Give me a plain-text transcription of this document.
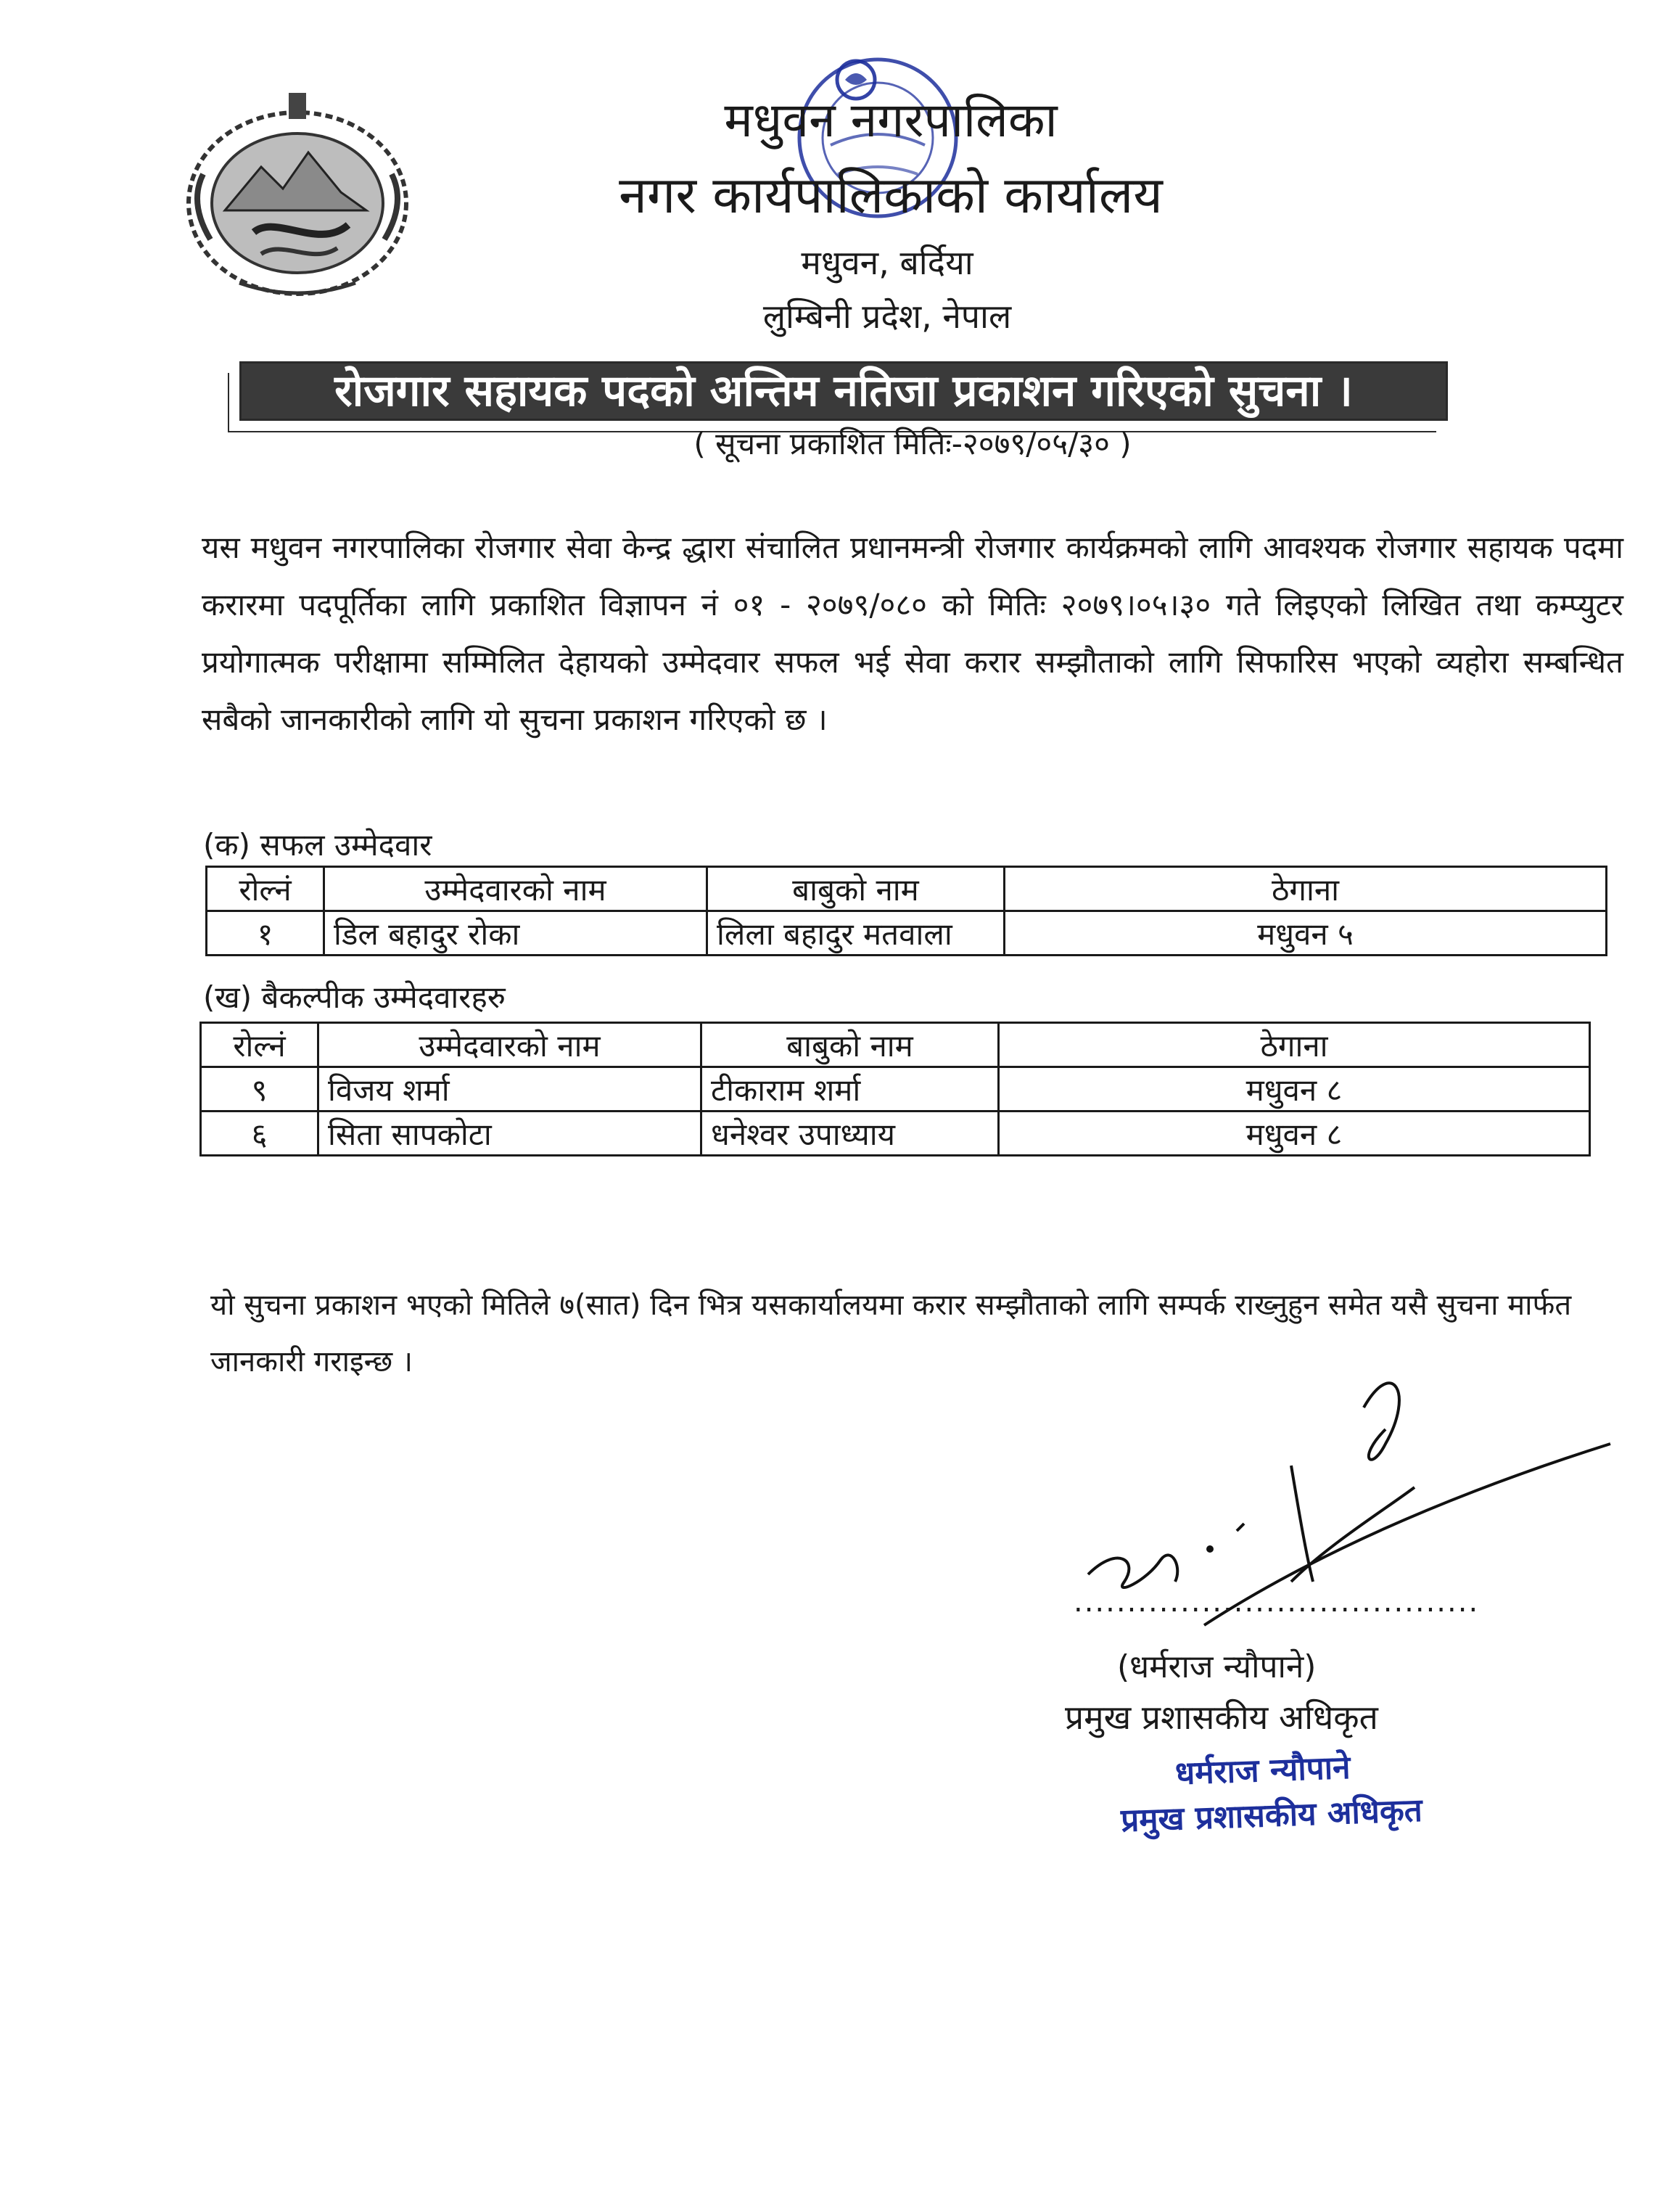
मधुवन नगरपालिका
नगर कार्यपालिकाको कार्यालय
मधुवन, बर्दिया
लुम्बिनी प्रदेश, नेपाल
रोजगार सहायक पदको अन्तिम नतिजा प्रकाशन गरिएको सुचना ।
( सूचना प्रकाशित मितिः-२०७९/०५/३० )
यस मधुवन नगरपालिका रोजगार सेवा केन्द्र द्धारा संचालित प्रधानमन्त्री रोजगार कार्यक्रमको लागि आवश्यक रोजगार सहायक पदमा करारमा पदपूर्तिका लागि प्रकाशित विज्ञापन नं ०१ - २०७९/०८० को मितिः २०७९।०५।३० गते लिइएको लिखित तथा कम्प्युटर प्रयोगात्मक परीक्षामा सम्मिलित देहायको उम्मेदवार सफल भई सेवा करार सम्झौताको लागि सिफारिस भएको व्यहोरा सम्बन्धित सबैको जानकारीको लागि यो सुचना प्रकाशन गरिएको छ ।
(क) सफल उम्मेदवार
रोल्नं	उम्मेदवारको नाम	बाबुको नाम	ठेगाना
१	डिल बहादुर रोका	लिला बहादुर मतवाला	मधुवन ५
(ख) बैकल्पीक उम्मेदवारहरु
रोल्नं	उम्मेदवारको नाम	बाबुको नाम	ठेगाना
९	विजय शर्मा	टीकाराम शर्मा	मधुवन ८
६	सिता सापकोटा	धनेश्वर उपाध्याय	मधुवन ८
यो सुचना प्रकाशन भएको मितिले ७(सात) दिन भित्र यसकार्यालयमा करार सम्झौताको लागि सम्पर्क राख्नुहुन समेत यसै सुचना मार्फत जानकारी गराइन्छ ।
......................................
(धर्मराज न्यौपाने)
प्रमुख प्रशासकीय अधिकृत
धर्मराज न्यौपाने
प्रमुख प्रशासकीय अधिकृत
